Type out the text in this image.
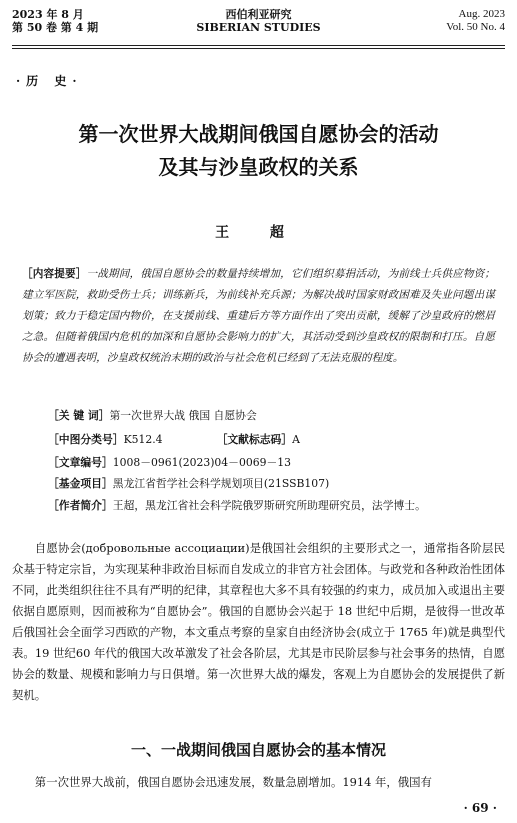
2023 年 8 月
第 50 卷 第 4 期
西伯利亚研究
SIBERIAN STUDIES
Aug. 2023
Vol. 50 No. 4
·历 史·
第一次世界大战期间俄国自愿协会的活动
及其与沙皇政权的关系
王 超
［内容提要］一战期间，俄国自愿协会的数量持续增加，它们组织募捐活动，为前线士兵供应物资；建立军医院，救助受伤士兵；训练新兵，为前线补充兵源；为解决战时国家财政困难及失业问题出谋划策；致力于稳定国内物价，在支援前线、重建后方等方面作出了突出贡献，缓解了沙皇政府的燃眉之急。但随着俄国内危机的加深和自愿协会影响力的扩大，其活动受到沙皇政权的限制和打压。自愿协会的遭遇表明，沙皇政权统治末期的政治与社会危机已经到了无法克服的程度。
［关 键 词］第一次世界大战 俄国 自愿协会
［中图分类号］K512.4	［文献标志码］A
［文章编号］1008－0961(2023)04－0069－13
［基金项目］黑龙江省哲学社会科学规划项目(21SSB107)
［作者简介］王超，黑龙江省社会科学院俄罗斯研究所助理研究员，法学博士。
自愿协会(добровольные ассоциации)是俄国社会组织的主要形式之一，通常指各阶层民众基于特定宗旨，为实现某种非政治目标而自发成立的非官方社会团体。与政党和各种政治性团体不同，此类组织往往不具有严明的纪律，其章程也大多不具有较强的约束力，成员加入或退出主要依据自愿原则，因而被称为“自愿协会”。俄国的自愿协会兴起于 18 世纪中后期，是彼得一世改革后俄国社会全面学习西欧的产物，本文重点考察的皇家自由经济协会(成立于 1765 年)就是典型代表。19 世纪60 年代的俄国大改革激发了社会各阶层，尤其是市民阶层参与社会事务的热情，自愿协会的数量、规模和影响力与日俱增。第一次世界大战的爆发，客观上为自愿协会的发展提供了新契机。
一、一战期间俄国自愿协会的基本情况
第一次世界大战前，俄国自愿协会迅速发展，数量急剧增加。1914 年，俄国有
· 69 ·
